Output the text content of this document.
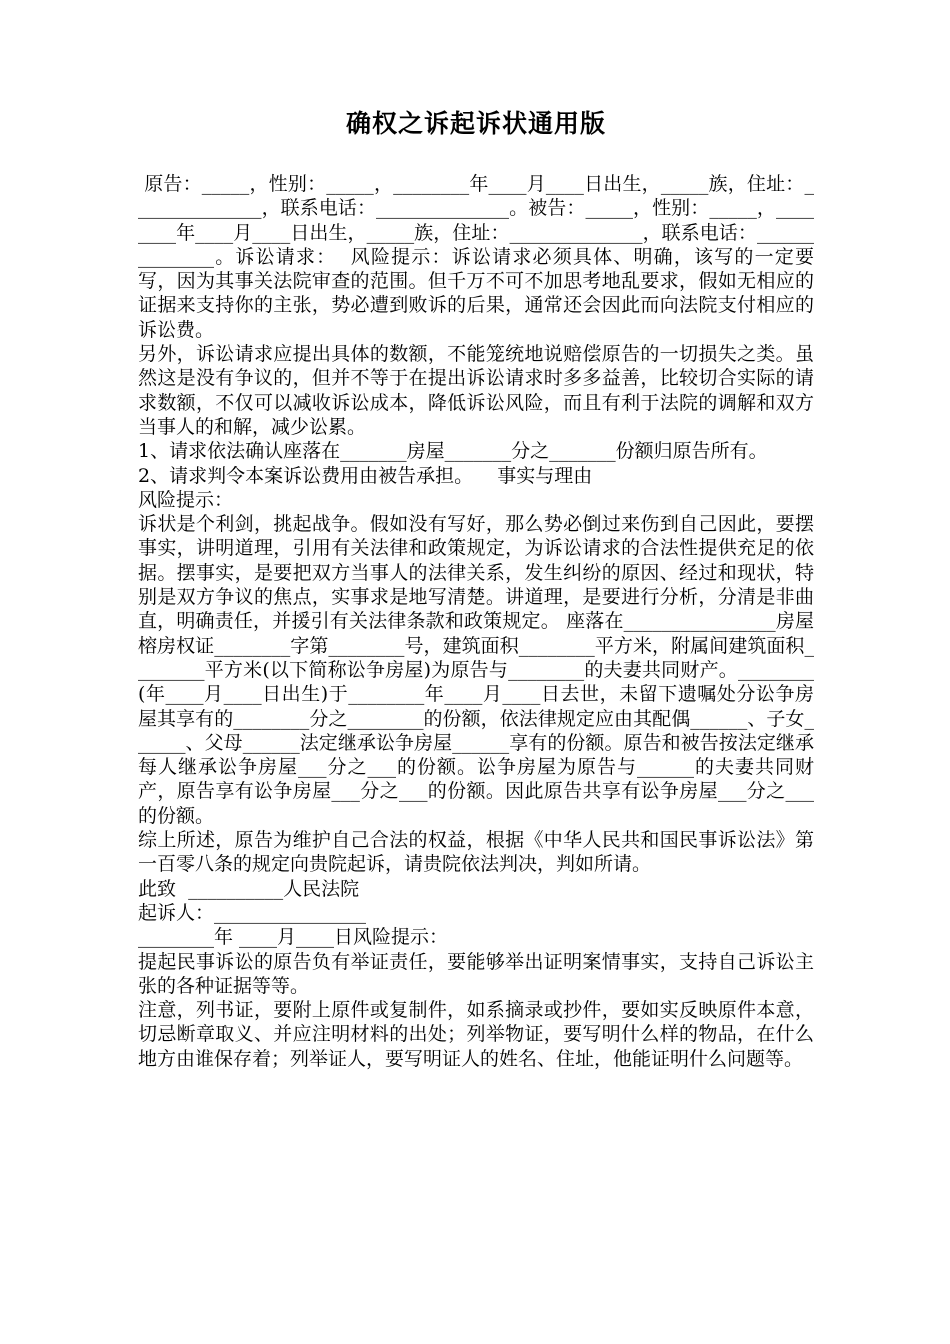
确权之诉起诉状通用版

原告：_____，性别：_____，________年____月____日出生，_____族，住址：______________，联系电话：______________。被告：_____，性别：_____，________年____月____日出生，_____族，住址：______________，联系电话：______________。诉讼请求：  风险提示：诉讼请求必须具体、明确，该写的一定要写，因为其事关法院审查的范围。但千万不可不加思考地乱要求，假如无相应的证据来支持你的主张，势必遭到败诉的后果，通常还会因此而向法院支付相应的诉讼费。

另外，诉讼请求应提出具体的数额，不能笼统地说赔偿原告的一切损失之类。虽然这是没有争议的，但并不等于在提出诉讼请求时多多益善，比较切合实际的请求数额，不仅可以减收诉讼成本，降低诉讼风险，而且有利于法院的调解和双方当事人的和解，减少讼累。

1、请求依法确认座落在_______房屋_______分之_______份额归原告所有。

2、请求判令本案诉讼费用由被告承担。    事实与理由

风险提示：

诉状是个利剑，挑起战争。假如没有写好，那么势必倒过来伤到自己因此，要摆事实，讲明道理，引用有关法律和政策规定，为诉讼请求的合法性提供充足的依据。摆事实，是要把双方当事人的法律关系，发生纠纷的原因、经过和现状，特别是双方争议的焦点，实事求是地写清楚。讲道理，是要进行分析，分清是非曲直，明确责任，并援引有关法律条款和政策规定。 座落在________________房屋 榕房权证________字第________号，建筑面积________平方米，附属间建筑面积________平方米(以下简称讼争房屋)为原告与________的夫妻共同财产。________ (年____月____日出生)于________年____月____日去世，未留下遗嘱处分讼争房屋其享有的________分之________的份额，依法律规定应由其配偶______、子女______、父母______法定继承讼争房屋______享有的份额。原告和被告按法定继承每人继承讼争房屋___分之___的份额。讼争房屋为原告与______的夫妻共同财产，原告享有讼争房屋___分之___的份额。因此原告共享有讼争房屋___分之___的份额。

综上所述，原告为维护自己合法的权益，根据《中华人民共和国民事诉讼法》第一百零八条的规定向贵院起诉，请贵院依法判决，判如所请。

此致  __________人民法院

起诉人：________________

________年 ____月____日风险提示：

提起民事诉讼的原告负有举证责任，要能够举出证明案情事实，支持自己诉讼主张的各种证据等等。

注意，列书证，要附上原件或复制件，如系摘录或抄件，要如实反映原件本意，切忌断章取义、并应注明材料的出处；列举物证，要写明什么样的物品，在什么地方由谁保存着；列举证人，要写明证人的姓名、住址，他能证明什么问题等。
